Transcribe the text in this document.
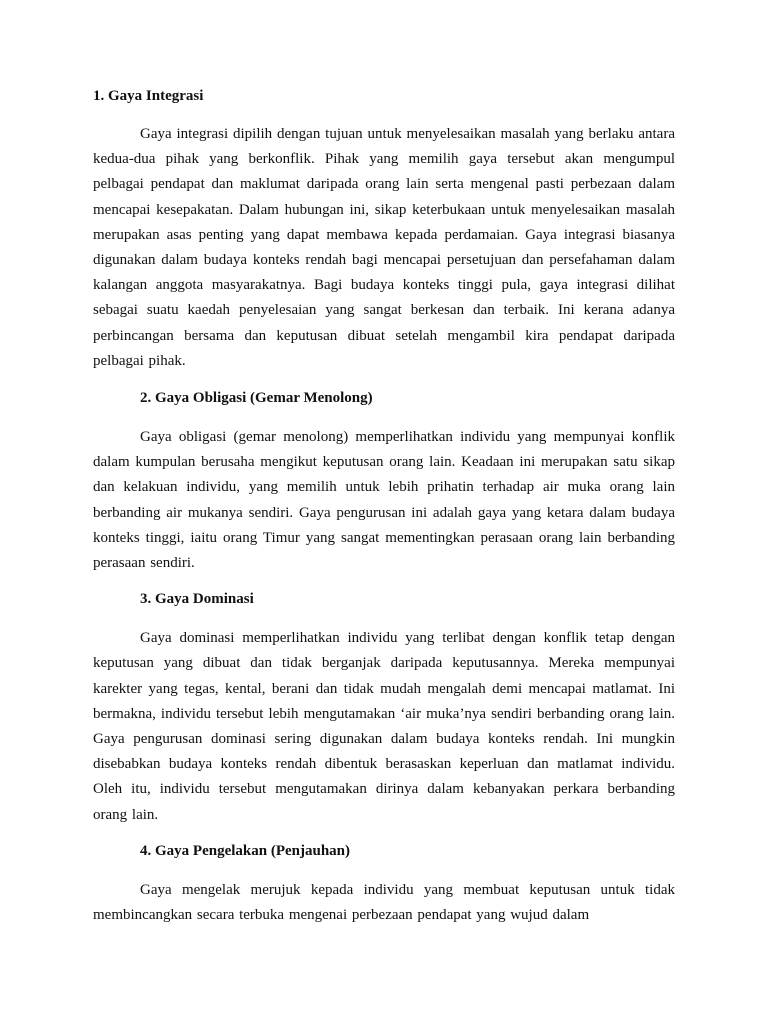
1. Gaya Integrasi

Gaya integrasi dipilih dengan tujuan untuk menyelesaikan masalah yang berlaku antara kedua-dua pihak yang berkonflik. Pihak yang memilih gaya tersebut akan mengumpul pelbagai pendapat dan maklumat daripada orang lain serta mengenal pasti perbezaan dalam mencapai kesepakatan. Dalam hubungan ini, sikap keterbukaan untuk menyelesaikan masalah merupakan asas penting yang dapat membawa kepada perdamaian. Gaya integrasi biasanya digunakan dalam budaya konteks rendah bagi mencapai persetujuan dan persefahaman dalam kalangan anggota masyarakatnya. Bagi budaya konteks tinggi pula, gaya integrasi dilihat sebagai suatu kaedah penyelesaian yang sangat berkesan dan terbaik. Ini kerana adanya perbincangan bersama dan keputusan dibuat setelah mengambil kira pendapat daripada pelbagai pihak.

2. Gaya Obligasi (Gemar Menolong)

Gaya obligasi (gemar menolong) memperlihatkan individu yang mempunyai konflik dalam kumpulan berusaha mengikut keputusan orang lain. Keadaan ini merupakan satu sikap dan kelakuan individu, yang memilih untuk lebih prihatin terhadap air muka orang lain berbanding air mukanya sendiri. Gaya pengurusan ini adalah gaya yang ketara dalam budaya konteks tinggi, iaitu orang Timur yang sangat mementingkan perasaan orang lain berbanding perasaan sendiri.

3. Gaya Dominasi

Gaya dominasi memperlihatkan individu yang terlibat dengan konflik tetap dengan keputusan yang dibuat dan tidak berganjak daripada keputusannya. Mereka mempunyai karekter yang tegas, kental, berani dan tidak mudah mengalah demi mencapai matlamat. Ini bermakna, individu tersebut lebih mengutamakan ‘air muka’nya sendiri berbanding orang lain. Gaya pengurusan dominasi sering digunakan dalam budaya konteks rendah. Ini mungkin disebabkan budaya konteks rendah dibentuk berasaskan keperluan dan matlamat individu. Oleh itu, individu tersebut mengutamakan dirinya dalam kebanyakan perkara berbanding orang lain.

4. Gaya Pengelakan (Penjauhan)

Gaya mengelak merujuk kepada individu yang membuat keputusan untuk tidak membincangkan secara terbuka mengenai perbezaan pendapat yang wujud dalam
